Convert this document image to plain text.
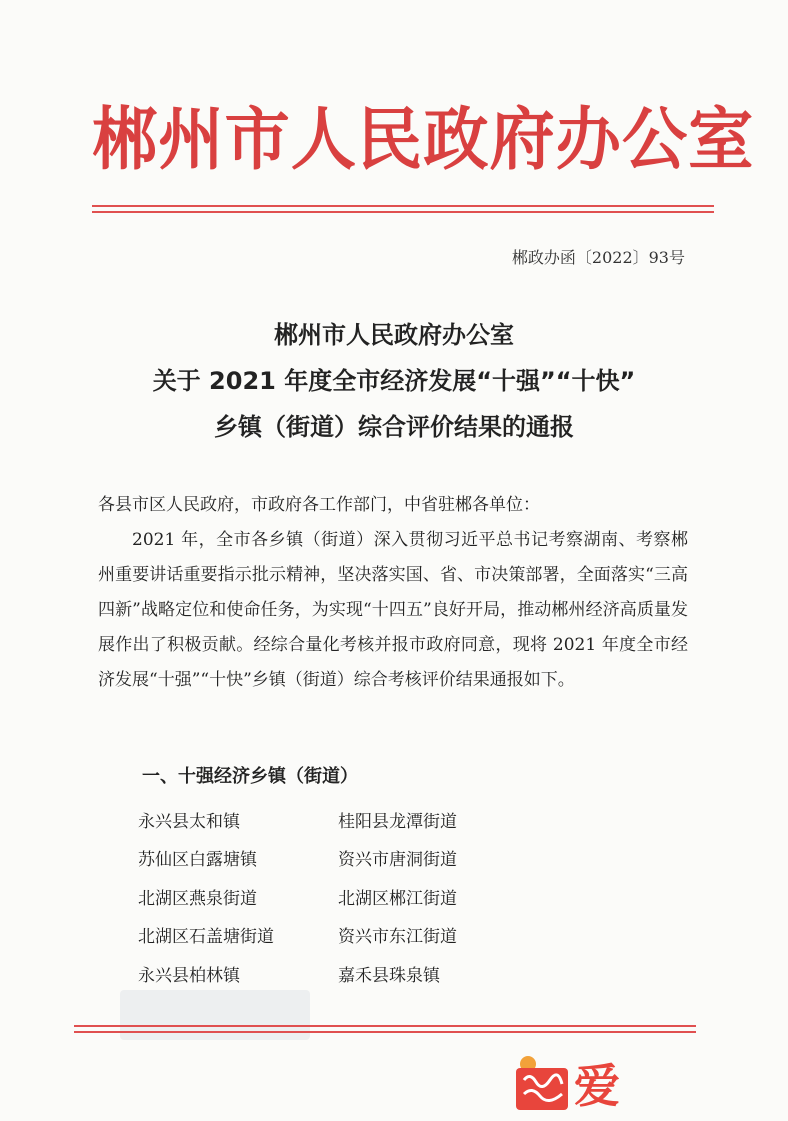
郴州市人民政府办公室
郴政办函〔2022〕93号
郴州市人民政府办公室
关于 2021 年度全市经济发展“十强”“十快”
乡镇（街道）综合评价结果的通报
各县市区人民政府，市政府各工作部门，中省驻郴各单位：
2021 年，全市各乡镇（街道）深入贯彻习近平总书记考察湖南、考察郴州重要讲话重要指示批示精神，坚决落实国、省、市决策部署，全面落实“三高四新”战略定位和使命任务，为实现“十四五”良好开局，推动郴州经济高质量发展作出了积极贡献。经综合量化考核并报市政府同意，现将 2021 年度全市经济发展“十强”“十快”乡镇（街道）综合考核评价结果通报如下。
一、十强经济乡镇（街道）
永兴县太和镇	桂阳县龙潭街道
苏仙区白露塘镇	资兴市唐洞街道
北湖区燕泉街道	北湖区郴江街道
北湖区石盖塘街道	资兴市东江街道
永兴县柏林镇	嘉禾县珠泉镇
爱
